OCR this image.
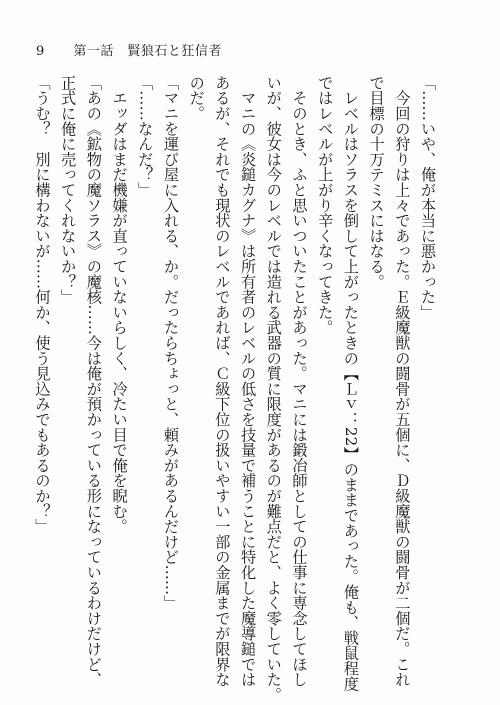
9 第一話　賢狼石と狂信者
「……いや、俺が本当に悪かった」
　今回の狩りは上々であった。Ｅ級魔獣の闘骨が五個に、Ｄ級魔獣の闘骨が二個だ。これ
で目標の十万テミスにはなる。
　レベルはソラスを倒して上がったときの【Ｌｖ：22】のままであった。俺も、戦鼠程度
ではレベルが上がり辛くなってきた。
　そのとき、ふと思いついたことがあった。マニには鍛冶師としての仕事に専念してほし
いが、彼女は今のレベルでは造れる武器の質に限度があるのが難点だと、よく零していた。
　マニの《炎鎚カグナ》は所有者のレベルの低さを技量で補うことに特化した魔導鎚では
あるが、それでも現状のレベルであれば、Ｃ級下位の扱いやすい一部の金属までが限界な
のだ。
「マニを運び屋に入れる、か。だったらちょっと、頼みがあるんだけど……」
「……なんだ？」
　エッダはまだ機嫌が直っていないらしく、冷たい目で俺を睨む。
「あの《鉱物の魔ソラス》の魔核……今は俺が預かっている形になっているわけだけど、
正式に俺に売ってくれないか？」
「うむ？　別に構わないが……何か、使う見込みでもあるのか？」
